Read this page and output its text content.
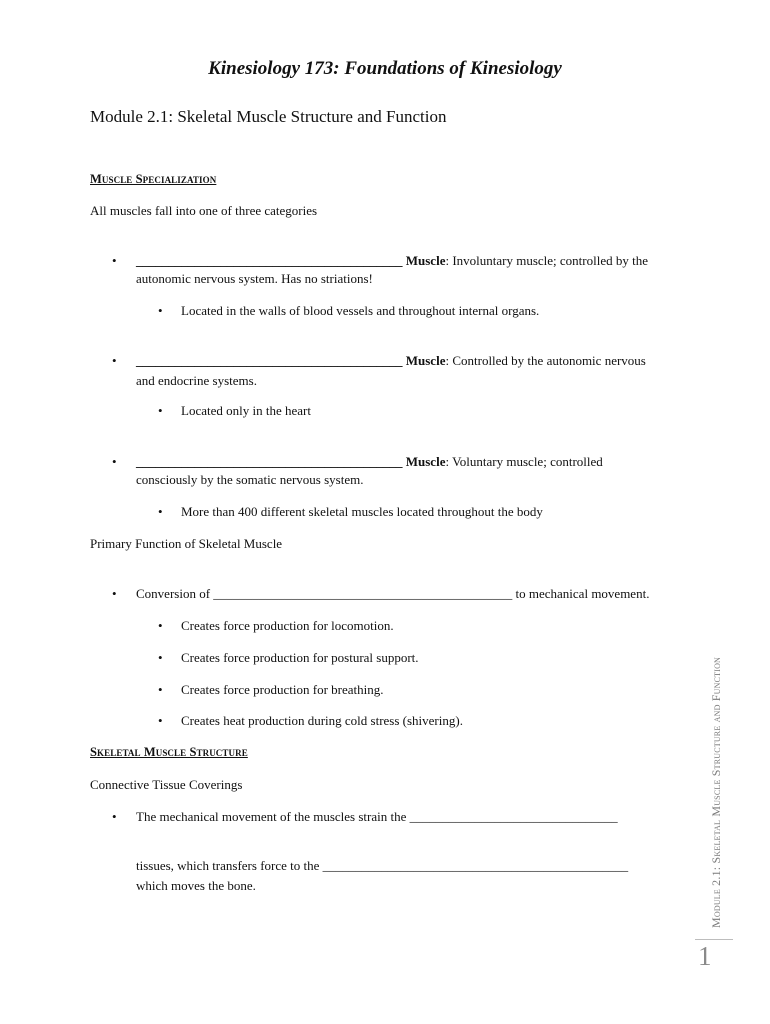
Kinesiology 173: Foundations of Kinesiology
Module 2.1: Skeletal Muscle Structure and Function
Muscle Specialization
All muscles fall into one of three categories
• _________________________________________ Muscle: Involuntary muscle; controlled by the
autonomic nervous system. Has no striations!
• Located in the walls of blood vessels and throughout internal organs.
• _________________________________________ Muscle: Controlled by the autonomic nervous
and endocrine systems.
• Located only in the heart
• _________________________________________ Muscle: Voluntary muscle; controlled
consciously by the somatic nervous system.
• More than 400 different skeletal muscles located throughout the body
Primary Function of Skeletal Muscle
• Conversion of ______________________________________________ to mechanical movement.
• Creates force production for locomotion.
• Creates force production for postural support.
• Creates force production for breathing.
• Creates heat production during cold stress (shivering).
Skeletal Muscle Structure
Connective Tissue Coverings
• The mechanical movement of the muscles strain the ________________________________
tissues, which transfers force to the _______________________________________________
which moves the bone.	Module 2.1: Skeletal Muscle Structure and Function
1
